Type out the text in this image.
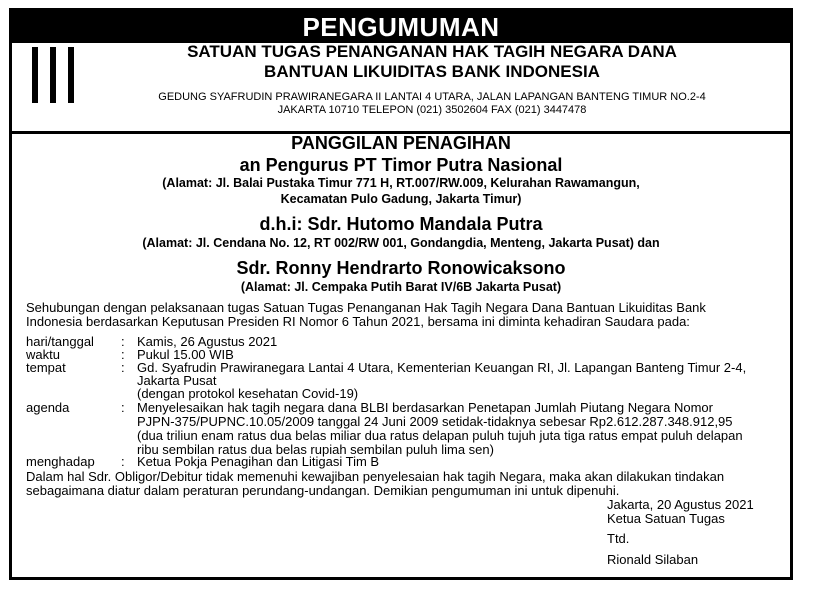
PENGUMUMAN
SATUAN TUGAS PENANGANAN HAK TAGIH NEGARA DANA
BANTUAN LIKUIDITAS BANK INDONESIA
GEDUNG SYAFRUDIN PRAWIRANEGARA II LANTAI 4 UTARA, JALAN LAPANGAN BANTENG TIMUR NO.2-4
JAKARTA 10710 TELEPON (021) 3502604 FAX (021) 3447478
PANGGILAN PENAGIHAN
an Pengurus PT Timor Putra Nasional
(Alamat: Jl. Balai Pustaka Timur 771 H, RT.007/RW.009, Kelurahan Rawamangun,
Kecamatan Pulo Gadung, Jakarta Timur)
d.h.i: Sdr. Hutomo Mandala Putra
(Alamat: Jl. Cendana No. 12, RT 002/RW 001, Gondangdia, Menteng, Jakarta Pusat) dan
Sdr. Ronny Hendrarto Ronowicaksono
(Alamat: Jl. Cempaka Putih Barat IV/6B Jakarta Pusat)
Sehubungan dengan pelaksanaan tugas Satuan Tugas Penanganan Hak Tagih Negara Dana Bantuan Likuiditas Bank
Indonesia berdasarkan Keputusan Presiden RI Nomor 6 Tahun 2021, bersama ini diminta kehadiran Saudara pada:
hari/tanggal : Kamis, 26 Agustus 2021
waktu	: Pukul 15.00 WIB
tempat	: Gd. Syafrudin Prawiranegara Lantai 4 Utara, Kementerian Keuangan RI, Jl. Lapangan Banteng Timur 2-4,
Jakarta Pusat
(dengan protokol kesehatan Covid-19)
agenda	: Menyelesaikan hak tagih negara dana BLBI berdasarkan Penetapan Jumlah Piutang Negara Nomor
PJPN-375/PUPNC.10.05/2009 tanggal 24 Juni 2009 setidak-tidaknya sebesar Rp2.612.287.348.912,95
(dua triliun enam ratus dua belas miliar dua ratus delapan puluh tujuh juta tiga ratus empat puluh delapan
ribu sembilan ratus dua belas rupiah sembilan puluh lima sen)
menghadap : Ketua Pokja Penagihan dan Litigasi Tim B
Dalam hal Sdr. Obligor/Debitur tidak memenuhi kewajiban penyelesaian hak tagih Negara, maka akan dilakukan tindakan
sebagaimana diatur dalam peraturan perundang-undangan. Demikian pengumuman ini untuk dipenuhi.
Jakarta, 20 Agustus 2021
Ketua Satuan Tugas
Ttd.
Rionald Silaban
